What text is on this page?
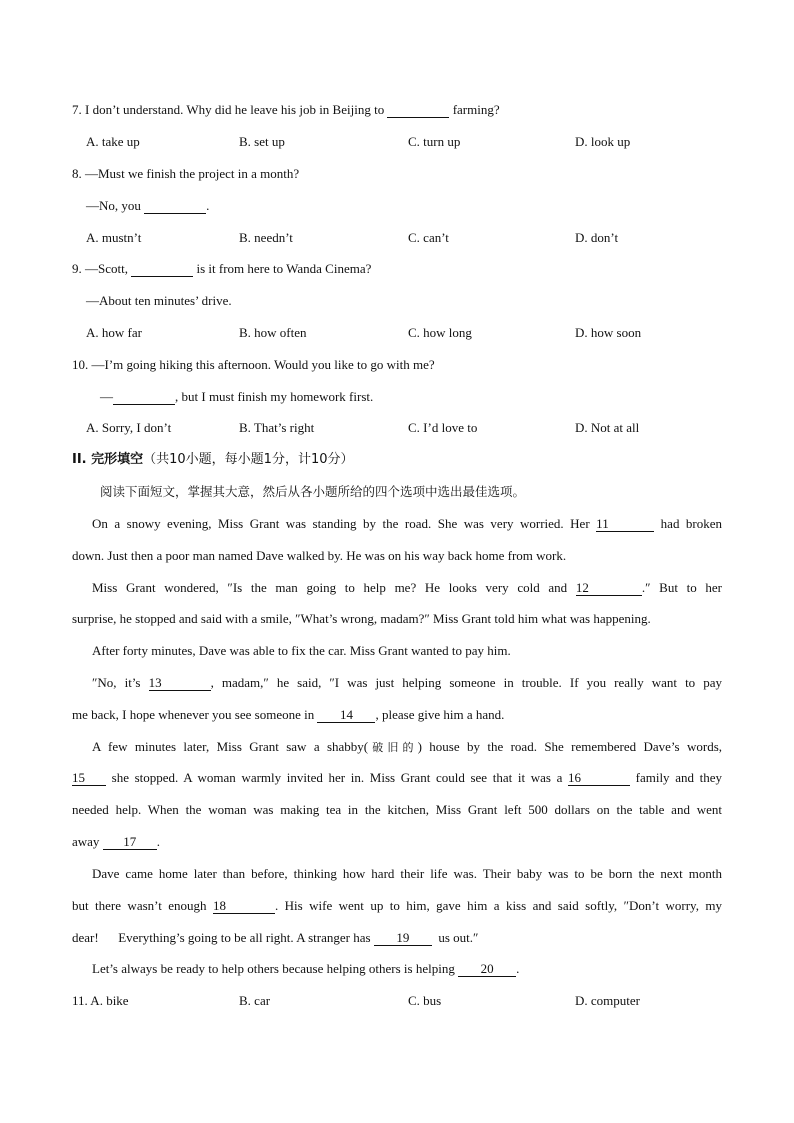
7. I don’t understand. Why did he leave his job in Beijing to	farming?
A. take up	B. set up	C. turn up	D. look up
8. —Must we finish the project in a month?
—No, you	.
A. mustn’t	B. needn’t	C. can’t	D. don’t
9. —Scott,	is it from here to Wanda Cinema?
—About ten minutes’ drive.
A. how far	B. how often	C. how long	D. how soon
10. —I’m going hiking this afternoon. Would you like to go with me?
—	, but I must finish my homework first.
A. Sorry, I don’t	B. That’s right	C. I’d love to	D. Not at all
II. 完形填空（共10小题，每小题1分，计10分）
阅读下面短文，掌握其大意，然后从各小题所给的四个选项中选出最佳选项。
On a snowy evening, Miss Grant was standing by the road. She was very worried. Her 11	had broken
down. Just then a poor man named Dave walked by. He was on his way back home from work.
Miss Grant wondered, ″Is the man going to help me? He looks very cold and 12	.″ But to her
surprise, he stopped and said with a smile, ″What’s wrong, madam?″ Miss Grant told him what was happening.
After forty minutes, Dave was able to fix the car. Miss Grant wanted to pay him.
″No, it’s 13	, madam,″ he said, ″I was just helping someone in trouble. If you really want to pay
me back, I hope whenever you see someone in 14 , please give him a hand.
A few minutes later, Miss Grant saw a shabby(破旧的) house by the road. She remembered Dave’s words,
15 she stopped. A woman warmly invited her in. Miss Grant could see that it was a 16	family and they
needed help. When the woman was making tea in the kitchen, Miss Grant left 500 dollars on the table and went
away 17 .
Dave came home later than before, thinking how hard their life was. Their baby was to be born the next month
but there wasn’t enough 18	. His wife went up to him, gave him a kiss and said softly, ″Don’t worry, my
dear!      Everything’s going to be all right. A stranger has 19 us out.″
Let’s always be ready to help others because helping others is helping 20 .
11. A. bike	B. car	C. bus	D. computer
